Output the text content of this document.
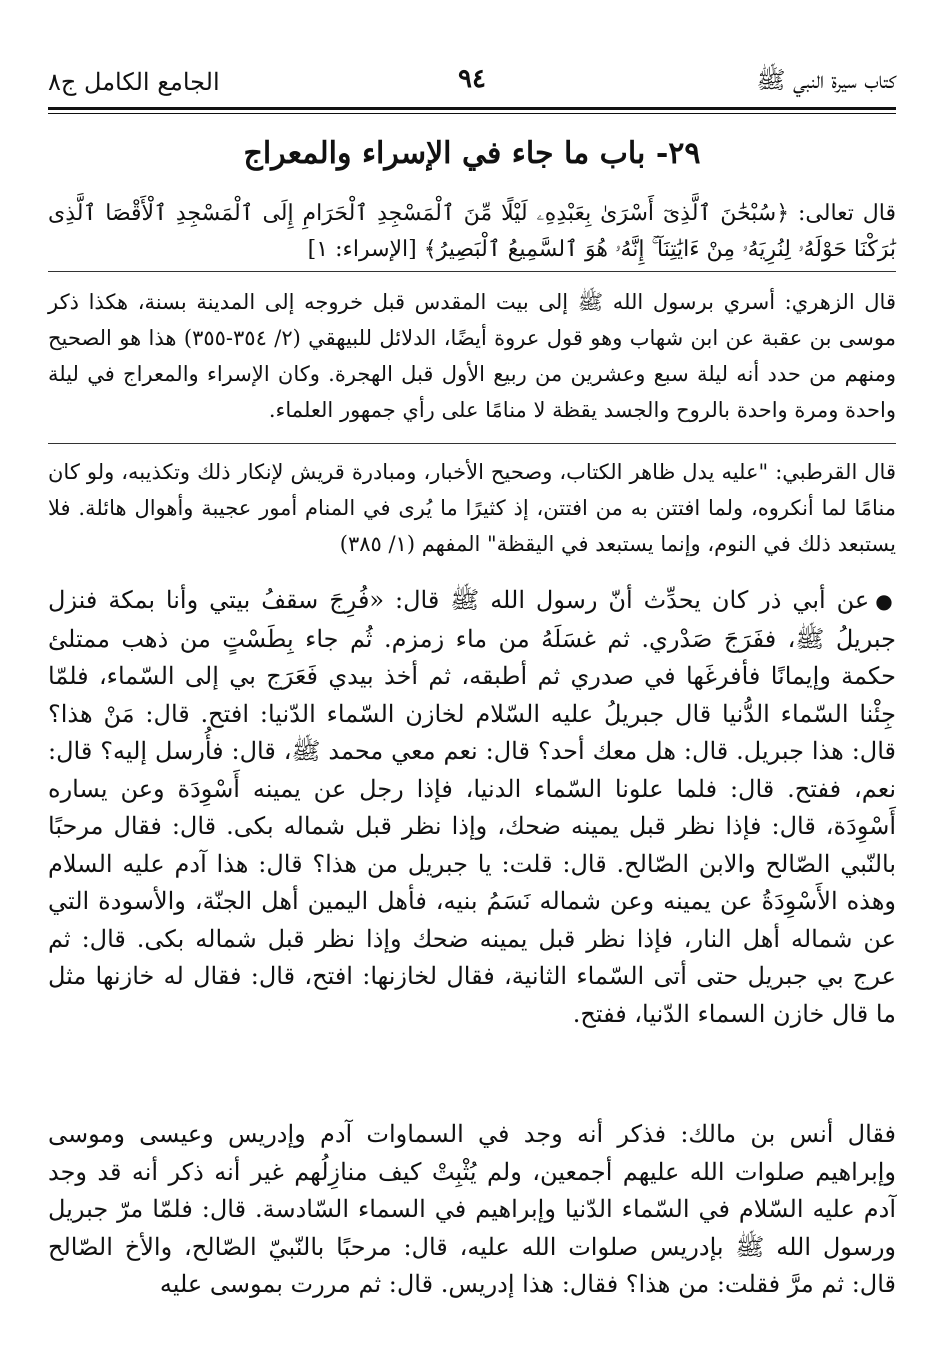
كتاب سيرة النبي ﷺ
٩٤
الجامع الكامل ج٨
٢٩- باب ما جاء في الإسراء والمعراج
قال تعالى: ﴿سُبْحَٰنَ ٱلَّذِىٓ أَسْرَىٰ بِعَبْدِهِۦ لَيْلًا مِّنَ ٱلْمَسْجِدِ ٱلْحَرَامِ إِلَى ٱلْمَسْجِدِ ٱلْأَقْصَا ٱلَّذِى بَٰرَكْنَا حَوْلَهُۥ لِنُرِيَهُۥ مِنْ ءَايَٰتِنَآ ۚ إِنَّهُۥ هُوَ ٱلسَّمِيعُ ٱلْبَصِيرُ﴾ [الإسراء: ١]
قال الزهري: أسري برسول الله ﷺ إلى بيت المقدس قبل خروجه إلى المدينة بسنة، هكذا ذكر موسى بن عقبة عن ابن شهاب وهو قول عروة أيضًا، الدلائل للبيهقي (٢/ ٣٥٤-٣٥٥) هذا هو الصحيح ومنهم من حدد أنه ليلة سبع وعشرين من ربيع الأول قبل الهجرة. وكان الإسراء والمعراج في ليلة واحدة ومرة واحدة بالروح والجسد يقظة لا منامًا على رأي جمهور العلماء.
قال القرطبي: "عليه يدل ظاهر الكتاب، وصحيح الأخبار، ومبادرة قريش لإنكار ذلك وتكذيبه، ولو كان منامًا لما أنكروه، ولما افتتن به من افتتن، إذ كثيرًا ما يُرى في المنام أمور عجيبة وأهوال هائلة. فلا يستبعد ذلك في النوم، وإنما يستبعد في اليقظة" المفهم (١/ ٣٨٥)
●عن أبي ذر كان يحدِّث أنّ رسول الله ﷺ قال: «فُرِجَ سقفُ بيتي وأنا بمكة فنزل جبريلُ ﷺ، ففَرَجَ صَدْري. ثم غسَلَهُ من ماء زمزم. ثُم جاء بِطَسْتٍ من ذهب ممتلئ حكمة وإيمانًا فأفرغَها في صدري ثم أطبقه، ثم أخذ بيدي فَعَرَج بي إلى السّماء، فلمّا جِئْنا السّماء الدُّنيا قال جبريلُ عليه السّلام لخازن السّماء الدّنيا: افتح. قال: مَنْ هذا؟ قال: هذا جبريل. قال: هل معك أحد؟ قال: نعم معي محمد ﷺ، قال: فأُرسل إليه؟ قال: نعم، ففتح. قال: فلما علونا السّماء الدنيا، فإذا رجل عن يمينه أَسْوِدَة وعن يساره أَسْوِدَة، قال: فإذا نظر قبل يمينه ضحك، وإذا نظر قبل شماله بكى. قال: فقال مرحبًا بالنّبي الصّالح والابن الصّالح. قال: قلت: يا جبريل من هذا؟ قال: هذا آدم عليه السلام وهذه الأَسْوِدَةُ عن يمينه وعن شماله نَسَمُ بنيه، فأهل اليمين أهل الجنّة، والأسودة التي عن شماله أهل النار، فإذا نظر قبل يمينه ضحك وإذا نظر قبل شماله بكى. قال: ثم عرج بي جبريل حتى أتى السّماء الثانية، فقال لخازنها: افتح، قال: فقال له خازنها مثل ما قال خازن السماء الدّنيا، ففتح.
فقال أنس بن مالك: فذكر أنه وجد في السماوات آدم وإدريس وعيسى وموسى وإبراهيم صلوات الله عليهم أجمعين، ولم يُثْبِتْ كيف منازِلُهم غير أنه ذكر أنه قد وجد آدم عليه السّلام في السّماء الدّنيا وإبراهيم في السماء السّادسة. قال: فلمّا مرّ جبريل ورسول الله ﷺ بإدريس صلوات الله عليه، قال: مرحبًا بالنّبيّ الصّالح، والأخ الصّالح قال: ثم مرَّ فقلت: من هذا؟ فقال: هذا إدريس. قال: ثم مررت بموسى عليه
